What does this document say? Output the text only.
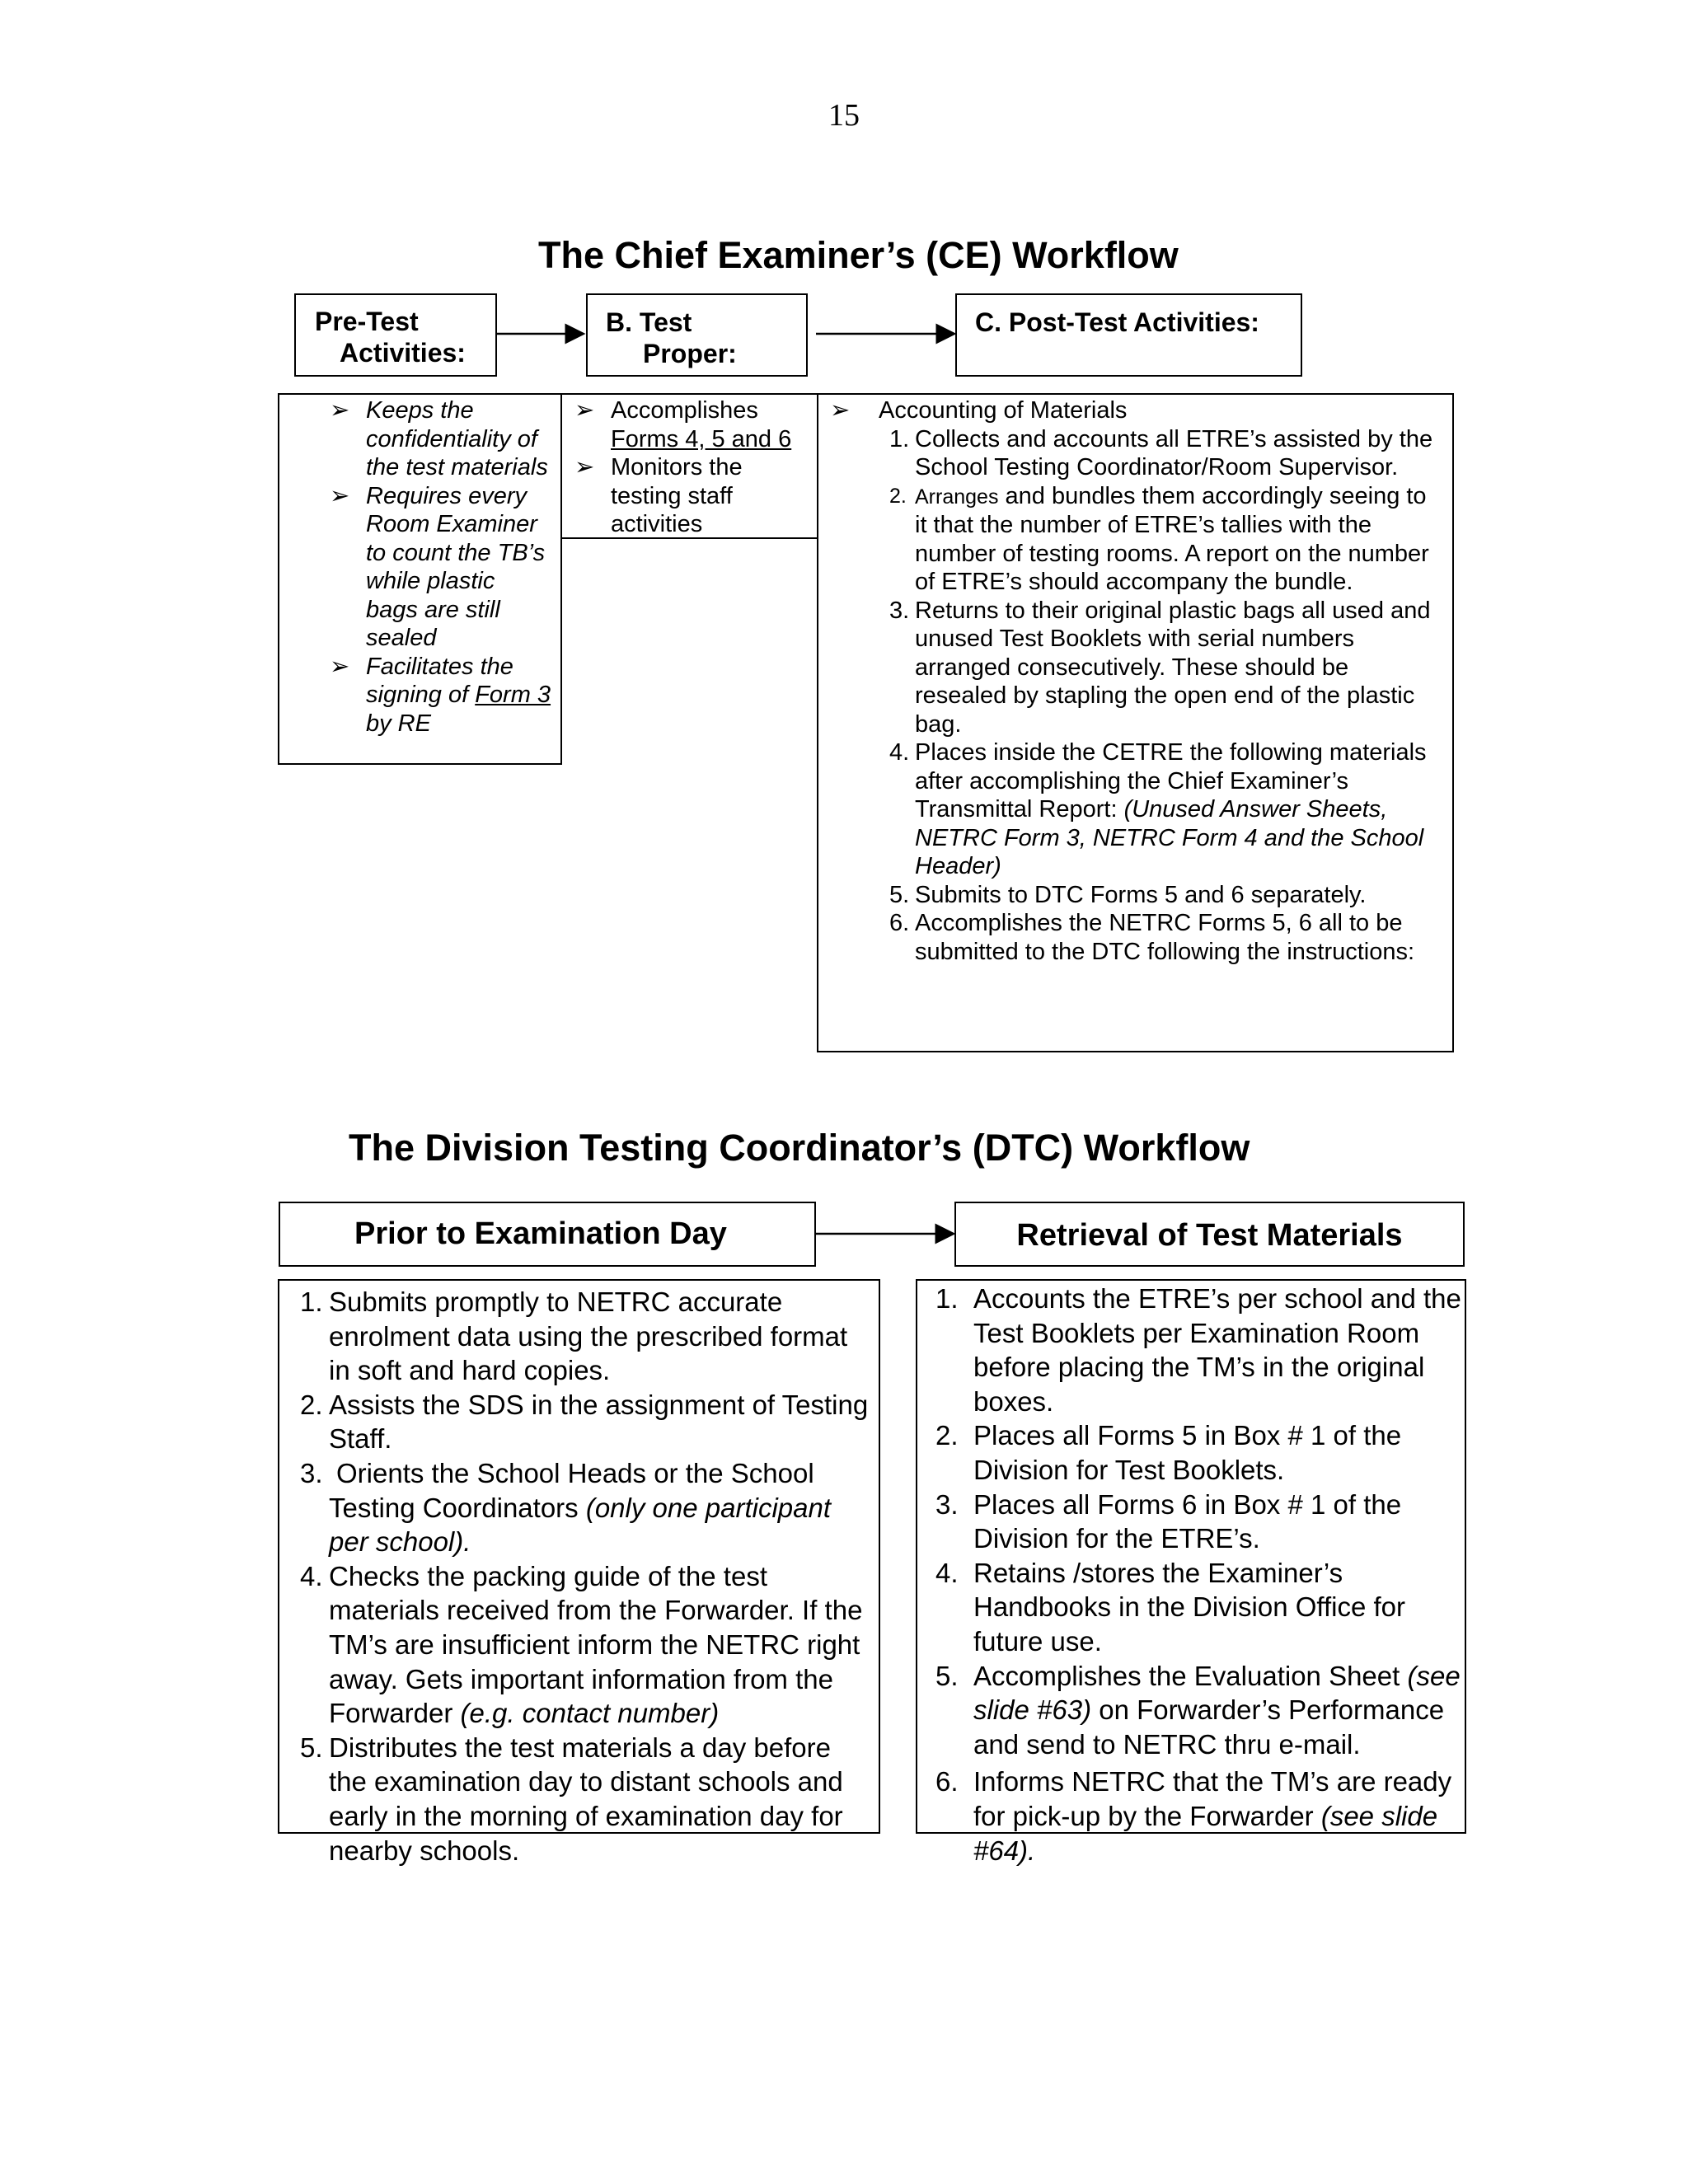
15
The Chief Examiner’s (CE) Workflow
Pre-Test
Activities:
B. Test
Proper:
C. Post-Test Activities:
➢ Keeps the confidentiality of the test materials
➢ Requires every Room Examiner to count the TB’s while plastic bags are still sealed
➢ Facilitates the signing of Form 3 by RE
➢ Accomplishes
Forms 4, 5 and 6
➢ Monitors the testing staff activities
➢ Accounting of Materials
1. Collects and accounts all ETRE’s assisted by the School Testing Coordinator/Room Supervisor.
2. Arranges and bundles them accordingly seeing to it that the number of ETRE’s tallies with the number of testing rooms. A report on the number of ETRE’s should accompany the bundle.
3. Returns to their original plastic bags all used and unused Test Booklets with serial numbers arranged consecutively. These should be resealed by stapling the open end of the plastic bag.
4. Places inside the CETRE the following materials after accomplishing the Chief Examiner’s Transmittal Report: (Unused Answer Sheets, NETRC Form 3, NETRC Form 4 and the School Header)
5. Submits to DTC Forms 5 and 6 separately.
6. Accomplishes the NETRC Forms 5, 6 all to be submitted to the DTC following the instructions:
The Division Testing Coordinator’s (DTC) Workflow
Prior to Examination Day	Retrieval of Test Materials
1. Submits promptly to NETRC accurate enrolment data using the prescribed format in soft and hard copies.
2. Assists the SDS in the assignment of Testing Staff.
3. Orients the School Heads or the School Testing Coordinators (only one participant per school).
4. Checks the packing guide of the test materials received from the Forwarder. If the TM’s are insufficient inform the NETRC right away. Gets important information from the Forwarder (e.g. contact number)
5. Distributes the test materials a day before the examination day to distant schools and early in the morning of examination day for nearby schools.
1. Accounts the ETRE’s per school and the Test Booklets per Examination Room before placing the TM’s in the original boxes.
2. Places all Forms 5 in Box # 1 of the Division for Test Booklets.
3. Places all Forms 6 in Box # 1 of the Division for the ETRE’s.
4. Retains /stores the Examiner’s Handbooks in the Division Office for future use.
5. Accomplishes the Evaluation Sheet (see slide #63) on Forwarder’s Performance and send to NETRC thru e-mail.
6. Informs NETRC that the TM’s are ready for pick-up by the Forwarder (see slide #64).
